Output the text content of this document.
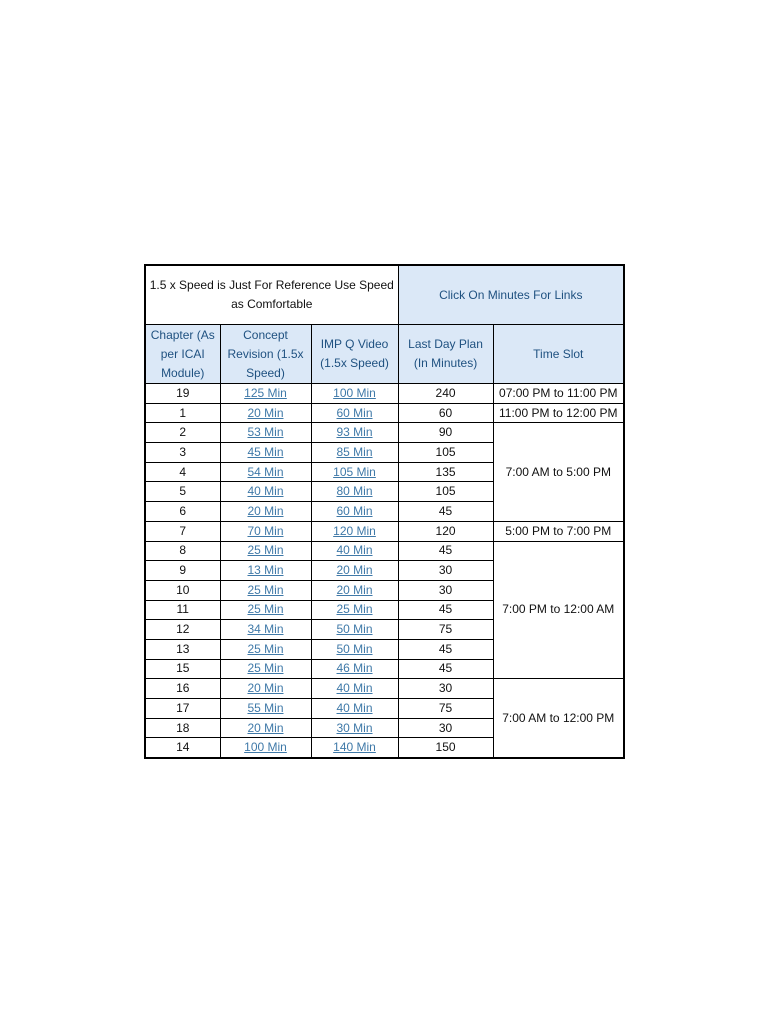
1.5 x Speed is Just For Reference Use Speed as Comfortable			Click On Minutes For Links	
Chapter (As per ICAI Module)	Concept Revision (1.5x Speed)	IMP Q Video (1.5x Speed)	Last Day Plan (In Minutes)	Time Slot
19	125 Min	100 Min	240	07:00 PM to 11:00 PM
1	20 Min	60 Min	60	11:00 PM to 12:00 PM
2	53 Min	93 Min	90	7:00 AM to 5:00 PM
3	45 Min	85 Min	105	
4	54 Min	105 Min	135	
5	40 Min	80 Min	105	
6	20 Min	60 Min	45	
7	70 Min	120 Min	120	5:00 PM to 7:00 PM
8	25 Min	40 Min	45	7:00 PM to 12:00 AM
9	13 Min	20 Min	30	
10	25 Min	20 Min	30	
11	25 Min	25 Min	45	
12	34 Min	50 Min	75	
13	25 Min	50 Min	45	
15	25 Min	46 Min	45	
16	20 Min	40 Min	30	7:00 AM to 12:00 PM
17	55 Min	40 Min	75	
18	20 Min	30 Min	30	
14	100 Min	140 Min	150	
